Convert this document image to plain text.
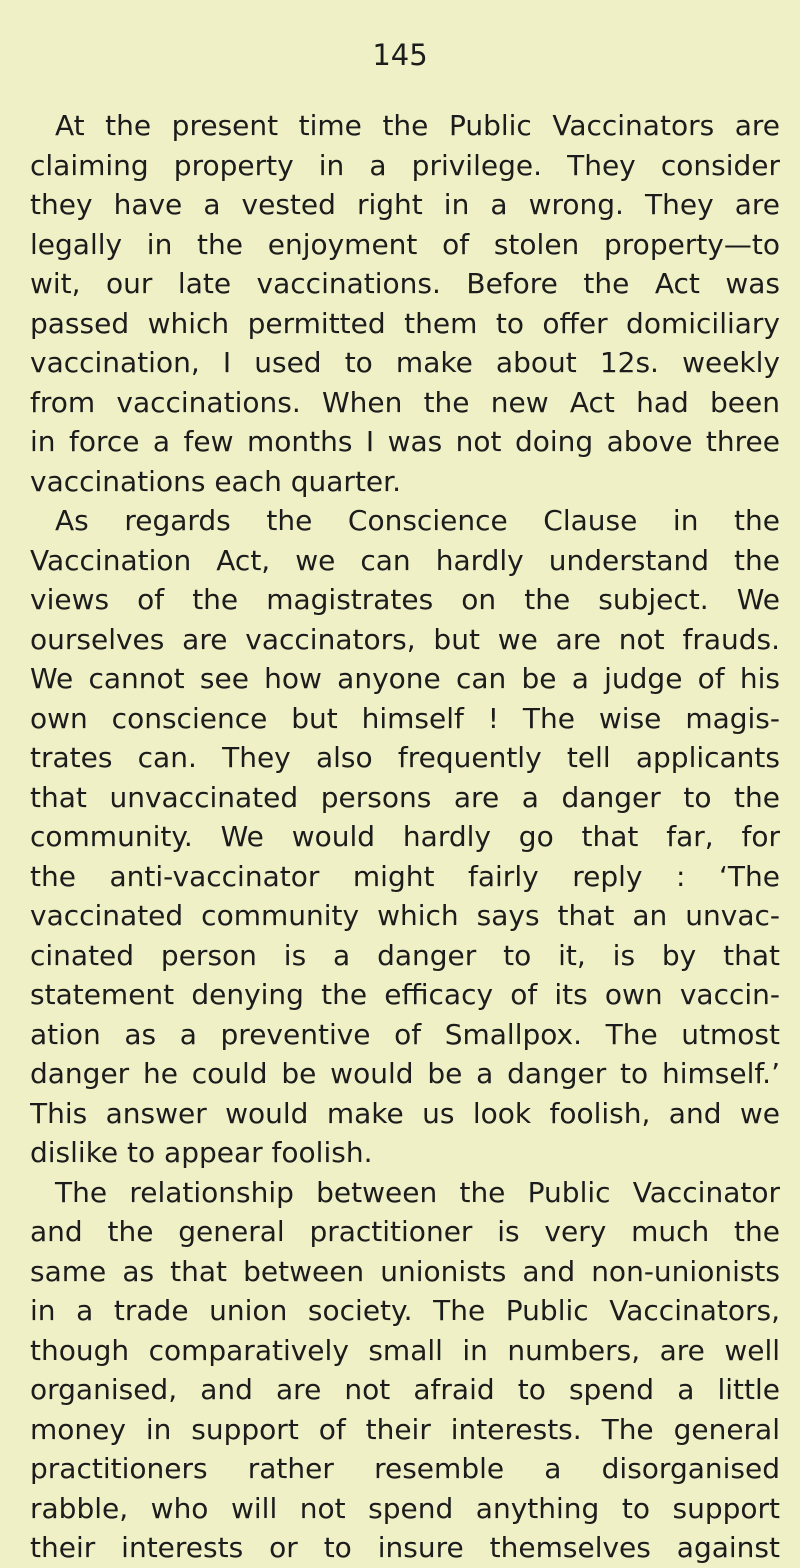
145
At the present time the Public Vaccinators are
claiming property in a privilege. They consider
they have a vested right in a wrong. They are
legally in the enjoyment of stolen property—to
wit, our late vaccinations. Before the Act was
passed which permitted them to offer domiciliary
vaccination, I used to make about 12s. weekly
from vaccinations. When the new Act had been
in force a few months I was not doing above three
vaccinations each quarter.
As regards the Conscience Clause in the
Vaccination Act, we can hardly understand the
views of the magistrates on the subject. We
ourselves are vaccinators, but we are not frauds.
We cannot see how anyone can be a judge of his
own conscience but himself ! The wise magis-
trates can. They also frequently tell applicants
that unvaccinated persons are a danger to the
community. We would hardly go that far, for
the anti-vaccinator might fairly reply : ‘The
vaccinated community which says that an unvac-
cinated person is a danger to it, is by that
statement denying the efficacy of its own vaccin-
ation as a preventive of Smallpox. The utmost
danger he could be would be a danger to himself.’
This answer would make us look foolish, and we
dislike to appear foolish.
The relationship between the Public Vaccinator
and the general practitioner is very much the
same as that between unionists and non-unionists
in a trade union society. The Public Vaccinators,
though comparatively small in numbers, are well
organised, and are not afraid to spend a little
money in support of their interests. The general
practitioners rather resemble a disorganised
rabble, who will not spend anything to support
their interests or to insure themselves against
